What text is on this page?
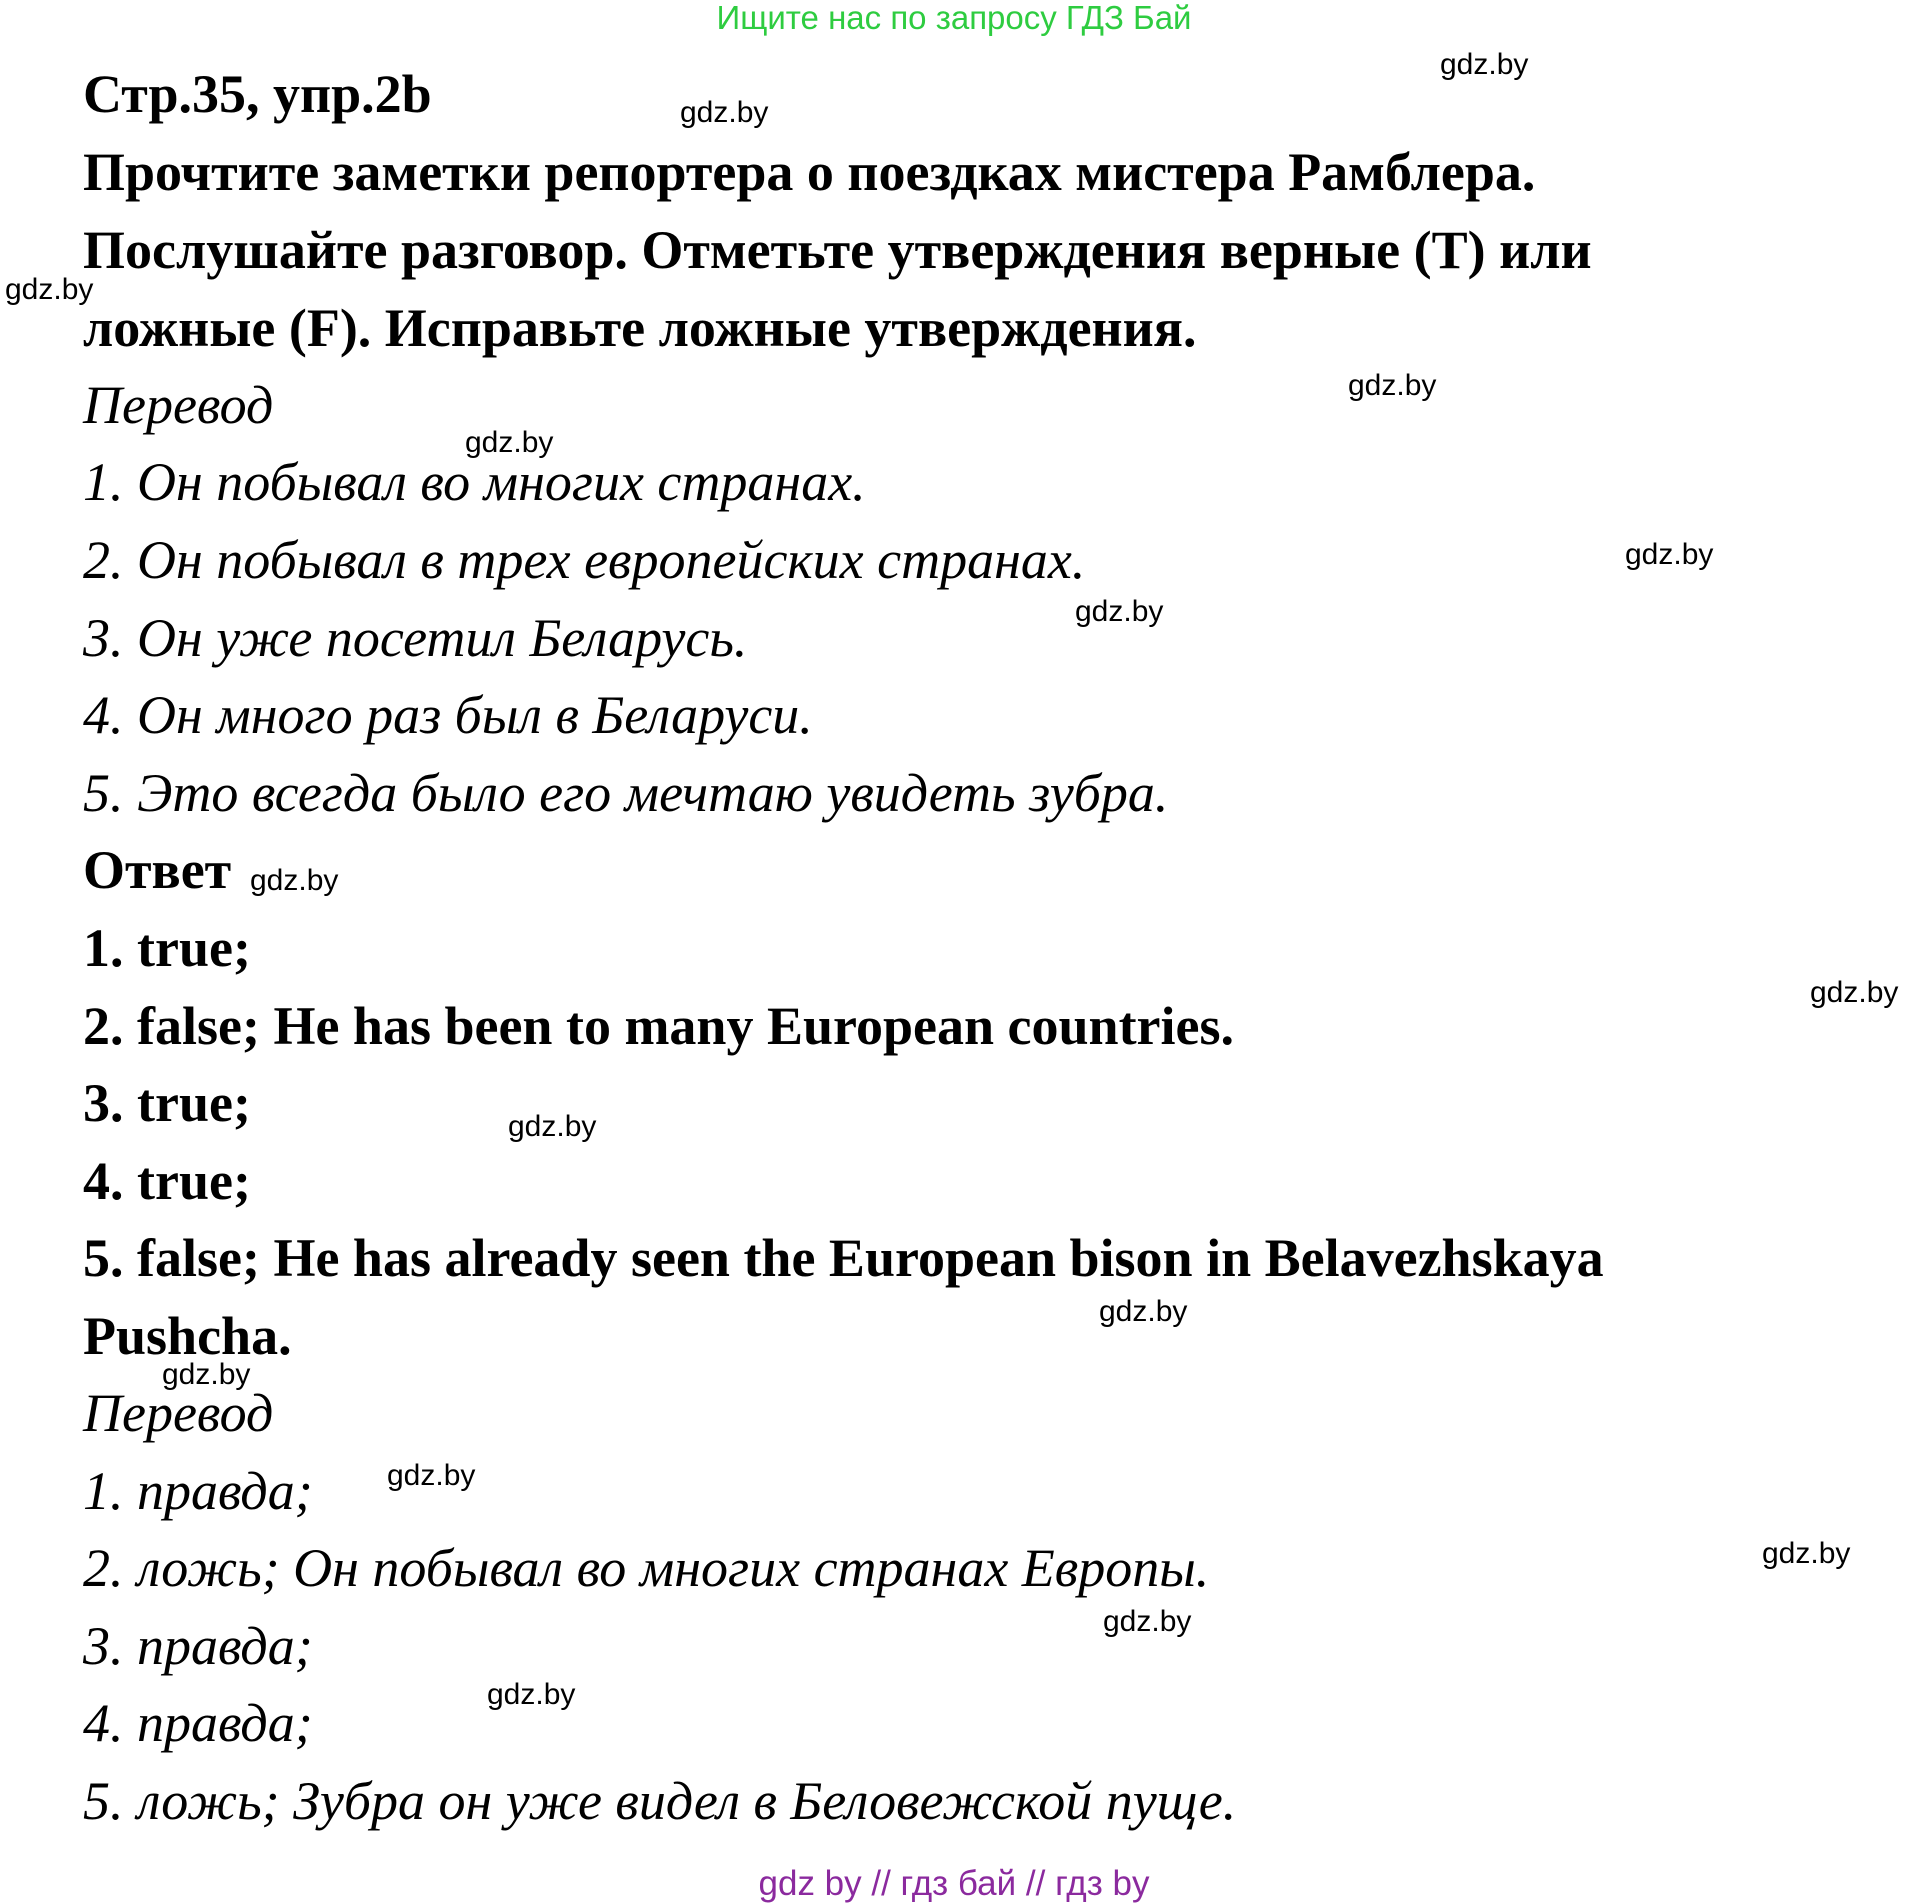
Ищите нас по запросу ГДЗ Бай
Стр.35, упр.2b
Прочтите заметки репортера о поездках мистера Рамблера.
Послушайте разговор. Отметьте утверждения верные (T) или
ложные (F). Исправьте ложные утверждения.
Перевод
1. Он побывал во многих странах.
2. Он побывал в трех европейских странах.
3. Он уже посетил Беларусь.
4. Он много раз был в Беларуси.
5. Это всегда было его мечтаю увидеть зубра.
Ответ
1. true;
2. false; He has been to many European countries.
3. true;
4. true;
5. false; He has already seen the European bison in Belavezhskaya
Pushcha.
Перевод
1. правда;
2. ложь; Он побывал во многих странах Европы.
3. правда;
4. правда;
5. ложь; Зубра он уже видел в Беловежской пуще.
gdz.by
gdz.by
gdz.by
gdz.by
gdz.by
gdz.by
gdz.by
gdz.by
gdz.by
gdz.by
gdz.by
gdz.by
gdz.by
gdz.by
gdz.by
gdz.by
gdz by // гдз бай // гдз by
